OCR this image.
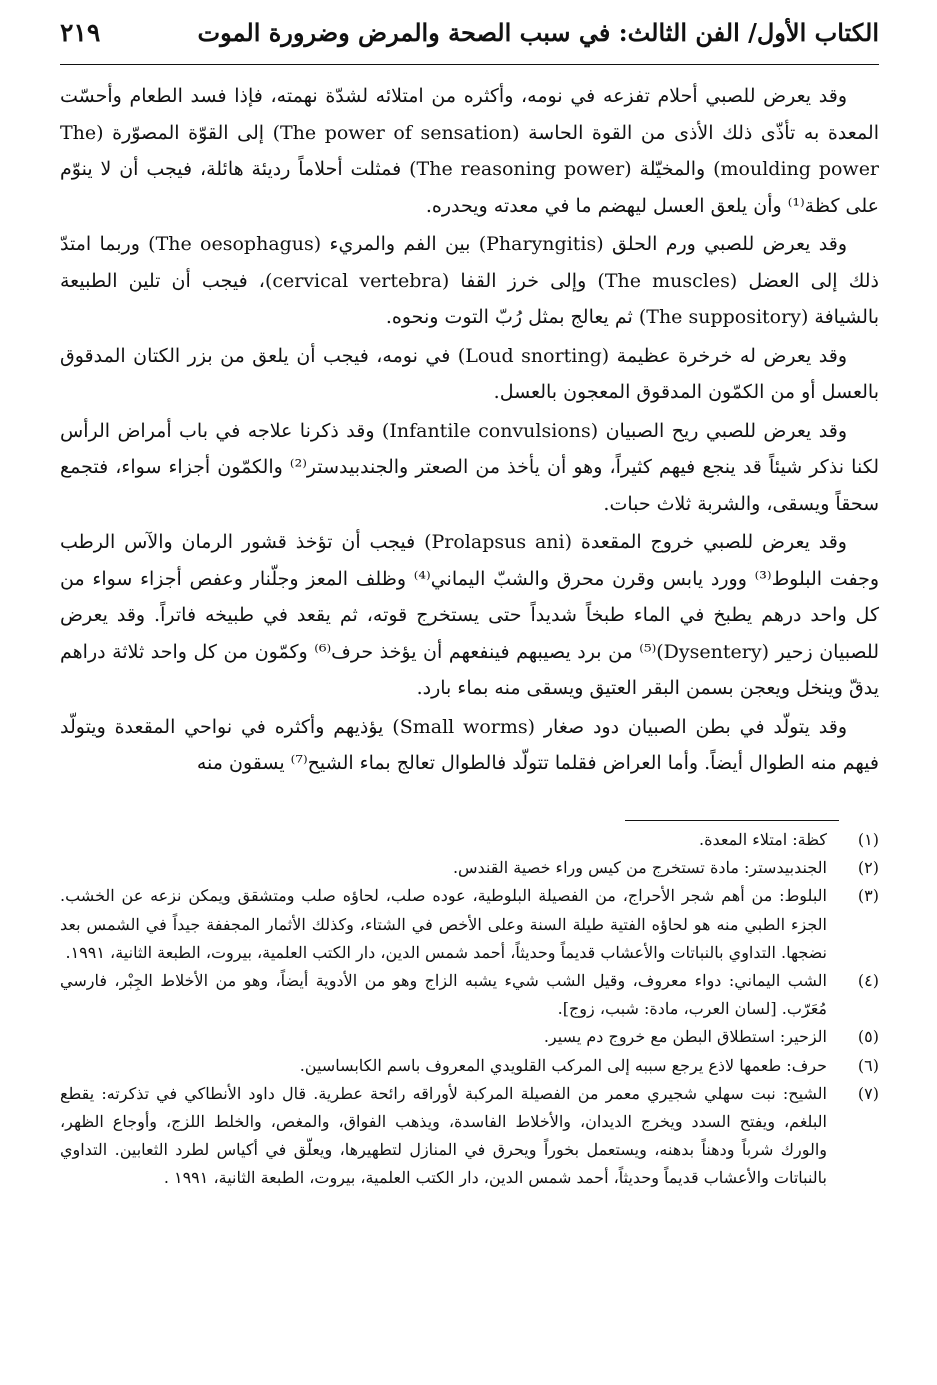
٢١٩	الكتاب الأول/ الفن الثالث: في سبب الصحة والمرض وضرورة الموت

وقد يعرض للصبي أحلام تفزعه في نومه، وأكثره من امتلائه لشدّة نهمته، فإذا فسد الطعام وأحسّت المعدة به تأذّى ذلك الأذى من القوة الحاسة (The power of sensation) إلى القوّة المصوّرة (The moulding power) والمخيّلة (The reasoning power) فمثلت أحلاماً رديئة هائلة، فيجب أن لا ينوّم على كظة⁽¹⁾ وأن يلعق العسل ليهضم ما في معدته ويحدره.

وقد يعرض للصبي ورم الحلق (Pharyngitis) بين الفم والمريء (The oesophagus) وربما امتدّ ذلك إلى العضل (The muscles) وإلى خرز القفا (cervical vertebra)، فيجب أن تلين الطبيعة بالشيافة (The suppository) ثم يعالج بمثل رُبّ التوت ونحوه.

وقد يعرض له خرخرة عظيمة (Loud snorting) في نومه، فيجب أن يلعق من بزر الكتان المدقوق بالعسل أو من الكمّون المدقوق المعجون بالعسل.

وقد يعرض للصبي ريح الصبيان (Infantile convulsions) وقد ذكرنا علاجه في باب أمراض الرأس لكنا نذكر شيئاً قد ينجع فيهم كثيراً، وهو أن يأخذ من الصعتر والجندبيدستر⁽²⁾ والكمّون أجزاء سواء، فتجمع سحقاً ويسقى، والشربة ثلاث حبات.

وقد يعرض للصبي خروج المقعدة (Prolapsus ani) فيجب أن تؤخذ قشور الرمان والآس الرطب وجفت البلوط⁽³⁾ وورد يابس وقرن محرق والشبّ اليماني⁽⁴⁾ وظلف المعز وجلّنار وعفص أجزاء سواء من كل واحد درهم يطبخ في الماء طبخاً شديداً حتى يستخرج قوته، ثم يقعد في طبيخه فاتراً. وقد يعرض للصبيان زحير (Dysentery)⁽⁵⁾ من برد يصيبهم فينفعهم أن يؤخذ حرف⁽⁶⁾ وكمّون من كل واحد ثلاثة دراهم يدقّ وينخل ويعجن بسمن البقر العتيق ويسقى منه بماء بارد.

وقد يتولّد في بطن الصبيان دود صغار (Small worms) يؤذيهم وأكثره في نواحي المقعدة ويتولّد فيهم منه الطوال أيضاً. وأما العراض فقلما تتولّد فالطوال تعالج بماء الشيح⁽⁷⁾ يسقون منه

(١)
كظة: امتلاء المعدة.
(٢)
الجندبيدستر: مادة تستخرج من كيس وراء خصية القندس.
(٣)
البلوط: من أهم شجر الأحراج، من الفصيلة البلوطية، عوده صلب، لحاؤه صلب ومتشقق ويمكن نزعه عن الخشب. الجزء الطبي منه هو لحاؤه الفتية طيلة السنة وعلى الأخص في الشتاء، وكذلك الأثمار المجففة جيداً في الشمس بعد نضجها. التداوي بالنباتات والأعشاب قديماً وحديثاً، أحمد شمس الدين، دار الكتب العلمية، بيروت، الطبعة الثانية، ١٩٩١.
(٤)
الشب اليماني: دواء معروف، وقيل الشب شيء يشبه الزاج وهو من الأدوية أيضاً، وهو من الأخلاط الجِبْر، فارسي مُعَرّب. [لسان العرب، مادة: شبب، زوج].
(٥)
الزحير: استطلاق البطن مع خروج دم يسير.
(٦)
حرف: طعمها لاذع يرجع سببه إلى المركب القلويدي المعروف باسم الكابساسين.
(٧)
الشيح: نبت سهلي شجيري معمر من الفصيلة المركبة لأوراقه رائحة عطرية. قال داود الأنطاكي في تذكرته: يقطع البلغم، ويفتح السدد ويخرج الديدان، والأخلاط الفاسدة، ويذهب الفواق، والمغص، والخلط اللزج، وأوجاع الظهر، والورك شرباً ودهناً بدهنه، ويستعمل بخوراً ويحرق في المنازل لتطهيرها، ويعلّق في أكياس لطرد الثعابين. التداوي بالنباتات والأعشاب قديماً وحديثاً، أحمد شمس الدين، دار الكتب العلمية، بيروت، الطبعة الثانية، ١٩٩١ .
